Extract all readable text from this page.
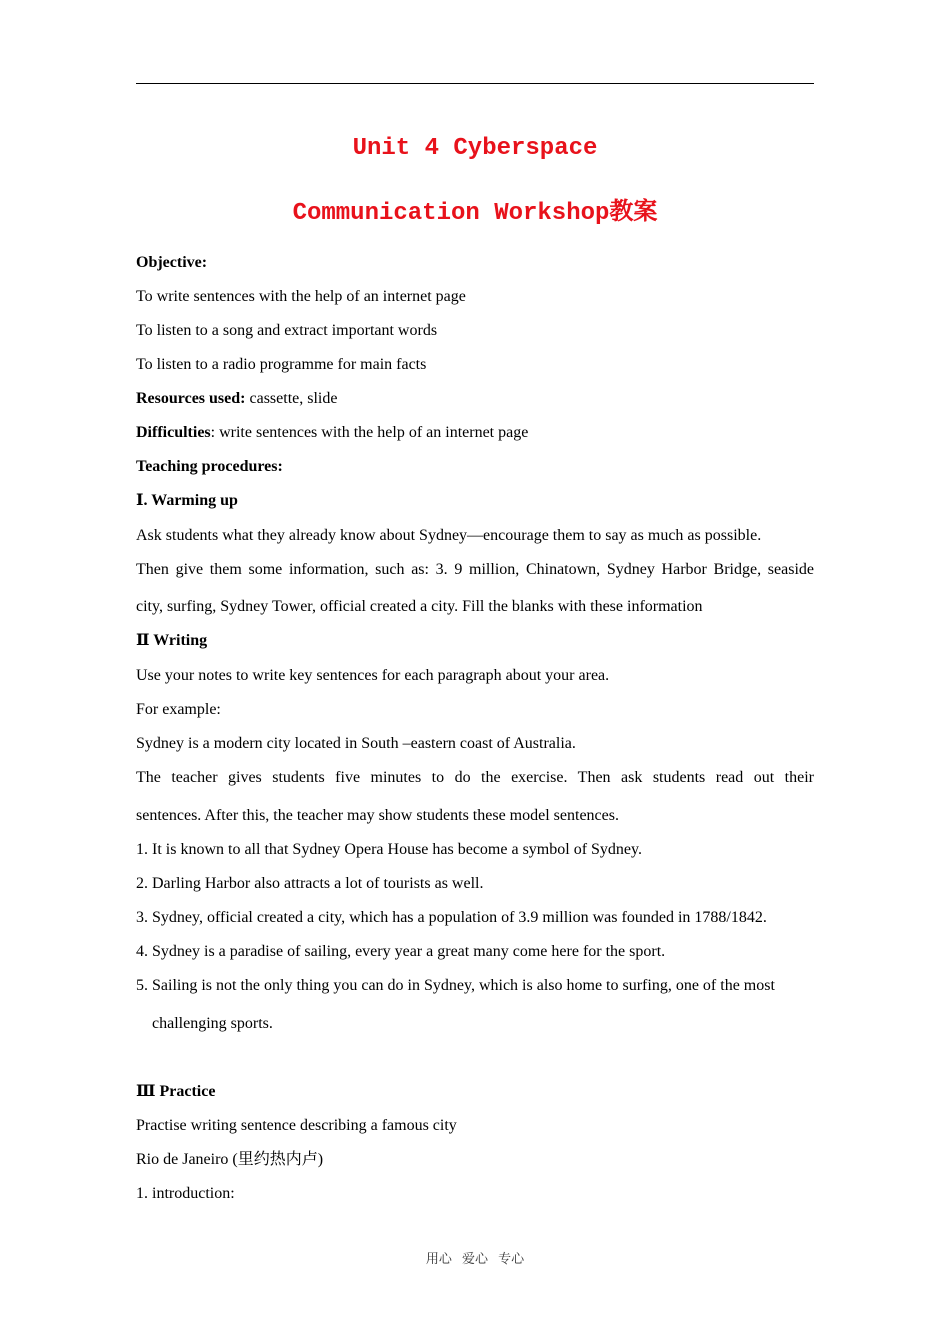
Unit 4 Cyberspace
Communication Workshop教案
Objective:
To write sentences with the help of an internet page
To listen to a song and extract important words
To listen to a radio programme for main facts
Resources used: cassette, slide
Difficulties: write sentences with the help of an internet page
Teaching procedures:
Ⅰ. Warming up
Ask students what they already know about Sydney—encourage them to say as much as possible.
Then give them some information, such as: 3. 9 million, Chinatown, Sydney Harbor Bridge, seaside
city, surfing, Sydney Tower, official created a city. Fill the blanks with these information
Ⅱ Writing
Use your notes to write key sentences for each paragraph about your area.
For example:
Sydney is a modern city located in South –eastern coast of Australia.
The teacher gives students five minutes to do the exercise. Then ask students read out their
sentences. After this, the teacher may show students these model sentences.
1. It is known to all that Sydney Opera House has become a symbol of Sydney.
2. Darling Harbor also attracts a lot of tourists as well.
3. Sydney, official created a city, which has a population of 3.9 million was founded in 1788/1842.
4. Sydney is a paradise of sailing, every year a great many come here for the sport.
5. Sailing is not the only thing you can do in Sydney, which is also home to surfing, one of the most
challenging sports.
Ⅲ Practice
Practise writing sentence describing a famous city
Rio de Janeiro (里约热内卢)
1. introduction:
用心 爱心 专心
